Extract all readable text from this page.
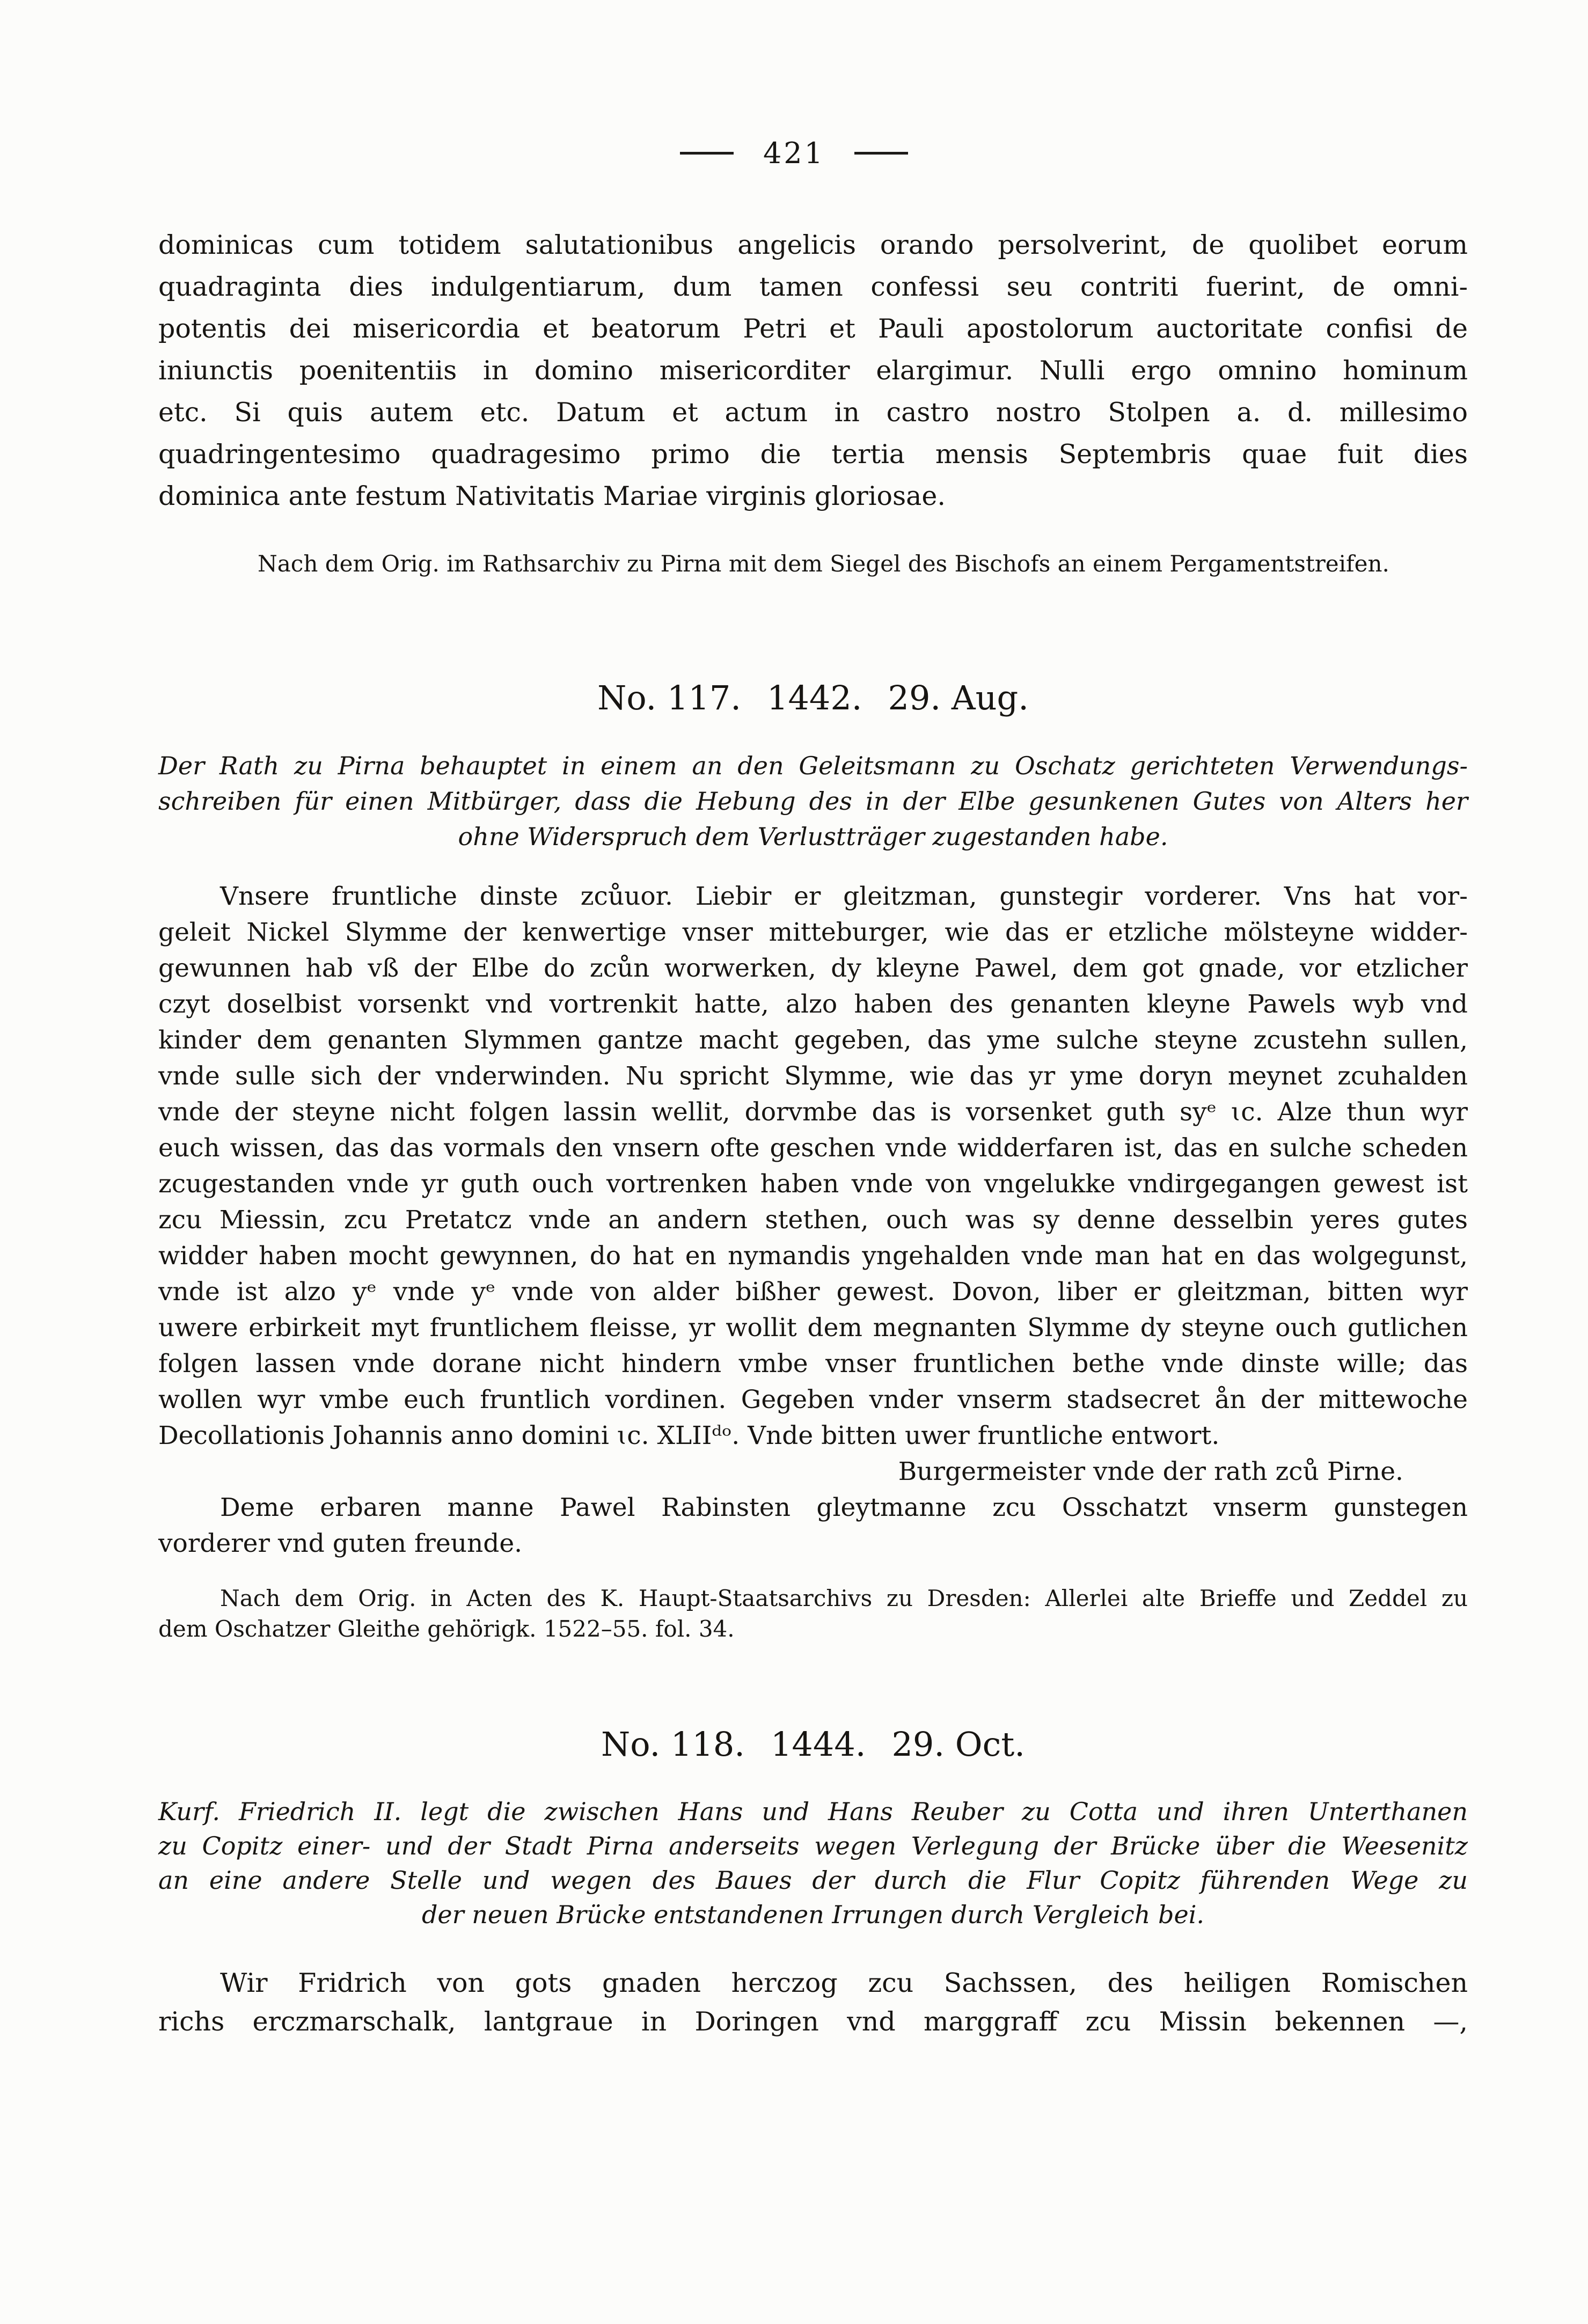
421
dominicas cum totidem salutationibus angelicis orando persolverint, de quolibet eorum
quadraginta dies indulgentiarum, dum tamen confessi seu contriti fuerint, de omni-
potentis dei misericordia et beatorum Petri et Pauli apostolorum auctoritate confisi de
iniunctis poenitentiis in domino misericorditer elargimur. Nulli ergo omnino hominum
etc. Si quis autem etc. Datum et actum in castro nostro Stolpen a. d. millesimo
quadringentesimo quadragesimo primo die tertia mensis Septembris quae fuit dies
dominica ante festum Nativitatis Mariae virginis gloriosae.
Nach dem Orig. im Rathsarchiv zu Pirna mit dem Siegel des Bischofs an einem Pergamentstreifen.
No. 117. 1442. 29. Aug.
Der Rath zu Pirna behauptet in einem an den Geleitsmann zu Oschatz gerichteten Verwendungs-
schreiben für einen Mitbürger, dass die Hebung des in der Elbe gesunkenen Gutes von Alters her
ohne Widerspruch dem Verlustträger zugestanden habe.
Vnsere fruntliche dinste zcůuor. Liebir er gleitzman, gunstegir vorderer. Vns hat vor-
geleit Nickel Slymme der kenwertige vnser mitteburger, wie das er etzliche mölsteyne widder-
gewunnen hab vß der Elbe do zcůn worwerken, dy kleyne Pawel, dem got gnade, vor etzlicher
czyt doselbist vorsenkt vnd vortrenkit hatte, alzo haben des genanten kleyne Pawels wyb vnd
kinder dem genanten Slymmen gantze macht gegeben, das yme sulche steyne zcustehn sullen,
vnde sulle sich der vnderwinden. Nu spricht Slymme, wie das yr yme doryn meynet zcuhalden
vnde der steyne nicht folgen lassin wellit, dorvmbe das is vorsenket guth syᵉ ɩc. Alze thun wyr
euch wissen, das das vormals den vnsern ofte geschen vnde widderfaren ist, das en sulche scheden
zcugestanden vnde yr guth ouch vortrenken haben vnde von vngelukke vndirgegangen gewest ist
zcu Miessin, zcu Pretatcz vnde an andern stethen, ouch was sy denne desselbin yeres gutes
widder haben mocht gewynnen, do hat en nymandis yngehalden vnde man hat en das wolgegunst,
vnde ist alzo yᵉ vnde yᵉ vnde von alder bißher gewest. Dovon, liber er gleitzman, bitten wyr
uwere erbirkeit myt fruntlichem fleisse, yr wollit dem megnanten Slymme dy steyne ouch gutlichen
folgen lassen vnde dorane nicht hindern vmbe vnser fruntlichen bethe vnde dinste wille; das
wollen wyr vmbe euch fruntlich vordinen. Gegeben vnder vnserm stadsecret ån der mittewoche
Decollationis Johannis anno domini ɩc. XLIIᵈᵒ. Vnde bitten uwer fruntliche entwort.
Burgermeister vnde der rath zců Pirne.
Deme erbaren manne Pawel Rabinsten gleytmanne zcu Osschatzt vnserm gunstegen
vorderer vnd guten freunde.
Nach dem Orig. in Acten des K. Haupt-Staatsarchivs zu Dresden: Allerlei alte Brieffe und Zeddel zu
dem Oschatzer Gleithe gehörigk. 1522–55. fol. 34.
No. 118. 1444. 29. Oct.
Kurf. Friedrich II. legt die zwischen Hans und Hans Reuber zu Cotta und ihren Unterthanen
zu Copitz einer- und der Stadt Pirna anderseits wegen Verlegung der Brücke über die Weesenitz
an eine andere Stelle und wegen des Baues der durch die Flur Copitz führenden Wege zu
der neuen Brücke entstandenen Irrungen durch Vergleich bei.
Wir Fridrich von gots gnaden herczog zcu Sachssen, des heiligen Romischen
richs erczmarschalk, lantgraue in Doringen vnd marggraff zcu Missin bekennen —,
